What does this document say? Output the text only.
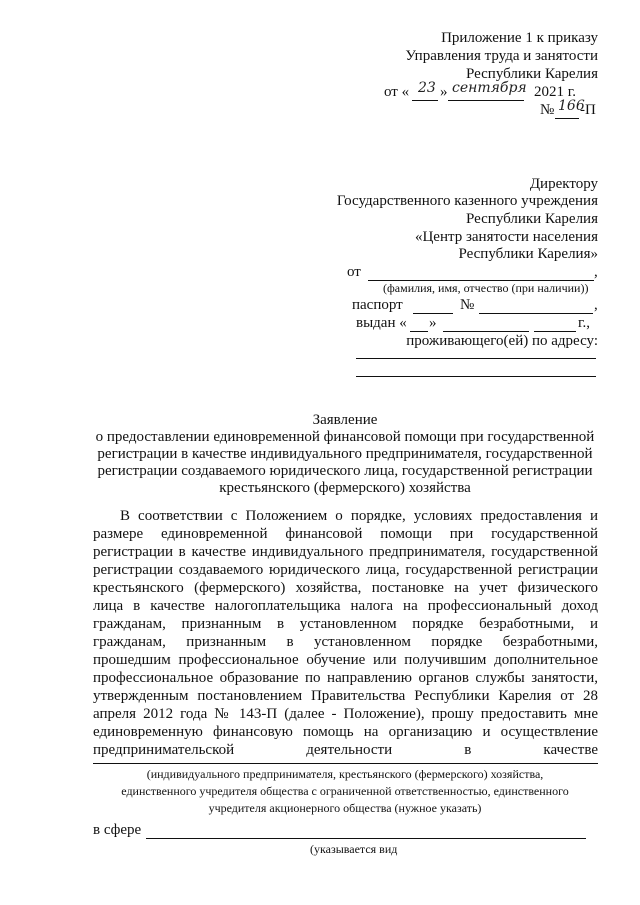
Приложение 1 к приказу
Управления труда и занятости
Республики Карелия
от « 23 » сентября 2021 г.
№ 166
-П
Директору
Государственного казенного учреждения
Республики Карелия
«Центр занятости населения
Республики Карелия»
от	,
(фамилия, имя, отчество (при наличии))
паспорт	№	,
выдан « »	г.,
проживающего(ей) по адресу:
Заявление
о предоставлении единовременной финансовой помощи при государственной
регистрации в качестве индивидуального предпринимателя, государственной
регистрации создаваемого юридического лица, государственной регистрации
крестьянского (фермерского) хозяйства
В соответствии с Положением о порядке, условиях предоставления и
размере единовременной финансовой помощи при государственной
регистрации в качестве индивидуального предпринимателя, государственной
регистрации создаваемого юридического лица, государственной регистрации
крестьянского (фермерского) хозяйства, постановке на учет физического
лица в качестве налогоплательщика налога на профессиональный доход
гражданам, признанным в установленном порядке безработными, и
гражданам, признанным в установленном порядке безработными,
прошедшим профессиональное обучение или получившим дополнительное
профессиональное образование по направлению органов службы занятости,
утвержденным постановлением Правительства Республики Карелия от 28
апреля 2012 года № 143-П (далее - Положение), прошу предоставить мне
единовременную финансовую помощь на организацию и осуществление
предпринимательской деятельности в качестве
(индивидуального предпринимателя, крестьянского (фермерского) хозяйства,
единственного учредителя общества с ограниченной ответственностью, единственного
учредителя акционерного общества (нужное указать)
в сфере
(указывается вид
